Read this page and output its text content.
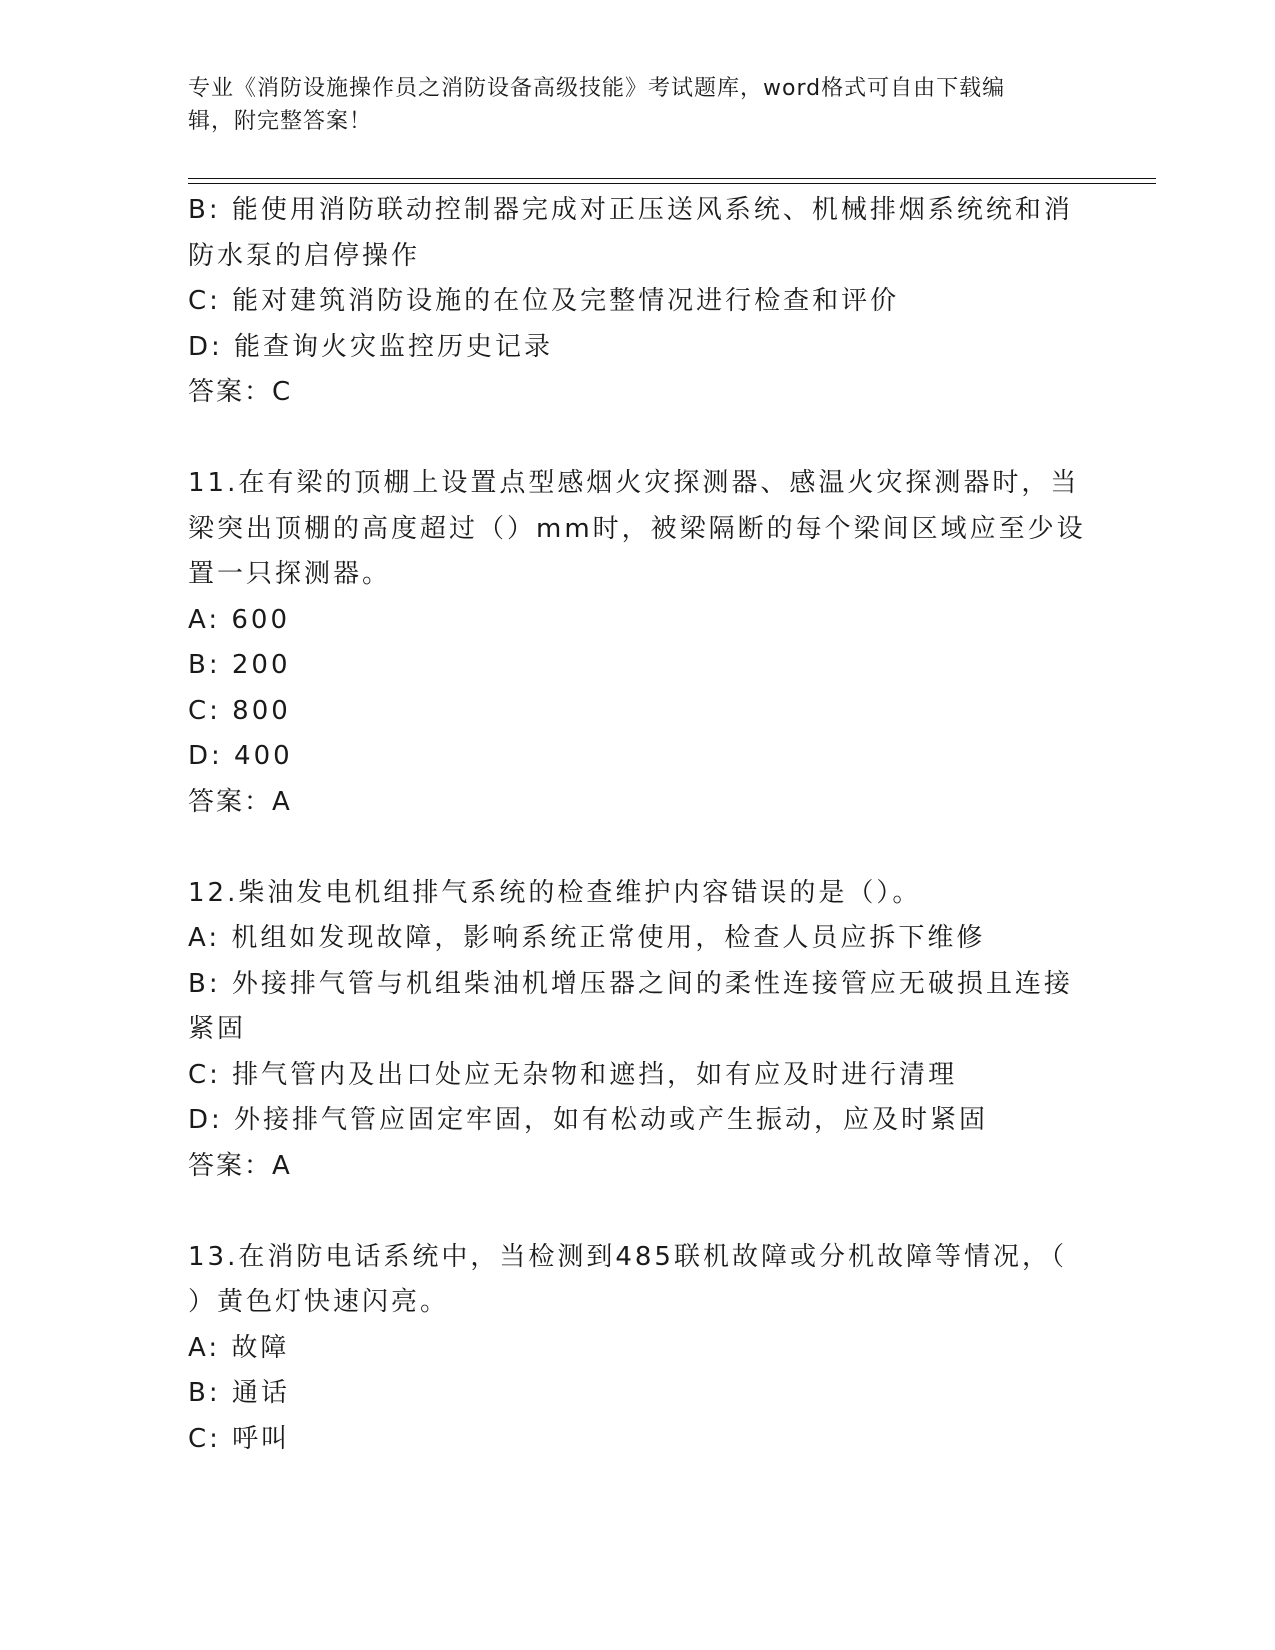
专业《消防设施操作员之消防设备高级技能》考试题库，word格式可自由下载编
辑，附完整答案！
B: 能使用消防联动控制器完成对正压送风系统、机械排烟系统统和消
防水泵的启停操作
C: 能对建筑消防设施的在位及完整情况进行检查和评价
D: 能查询火灾监控历史记录
答案：C
11.在有梁的顶棚上设置点型感烟火灾探测器、感温火灾探测器时，当
梁突出顶棚的高度超过（）mm时，被梁隔断的每个梁间区域应至少设
置一只探测器。
A: 600
B: 200
C: 800
D: 400
答案：A
12.柴油发电机组排气系统的检查维护内容错误的是（）。
A: 机组如发现故障，影响系统正常使用，检查人员应拆下维修
B: 外接排气管与机组柴油机增压器之间的柔性连接管应无破损且连接
紧固
C: 排气管内及出口处应无杂物和遮挡，如有应及时进行清理
D: 外接排气管应固定牢固，如有松动或产生振动，应及时紧固
答案：A
13.在消防电话系统中，当检测到485联机故障或分机故障等情况，（
）黄色灯快速闪亮。
A: 故障
B: 通话
C: 呼叫
